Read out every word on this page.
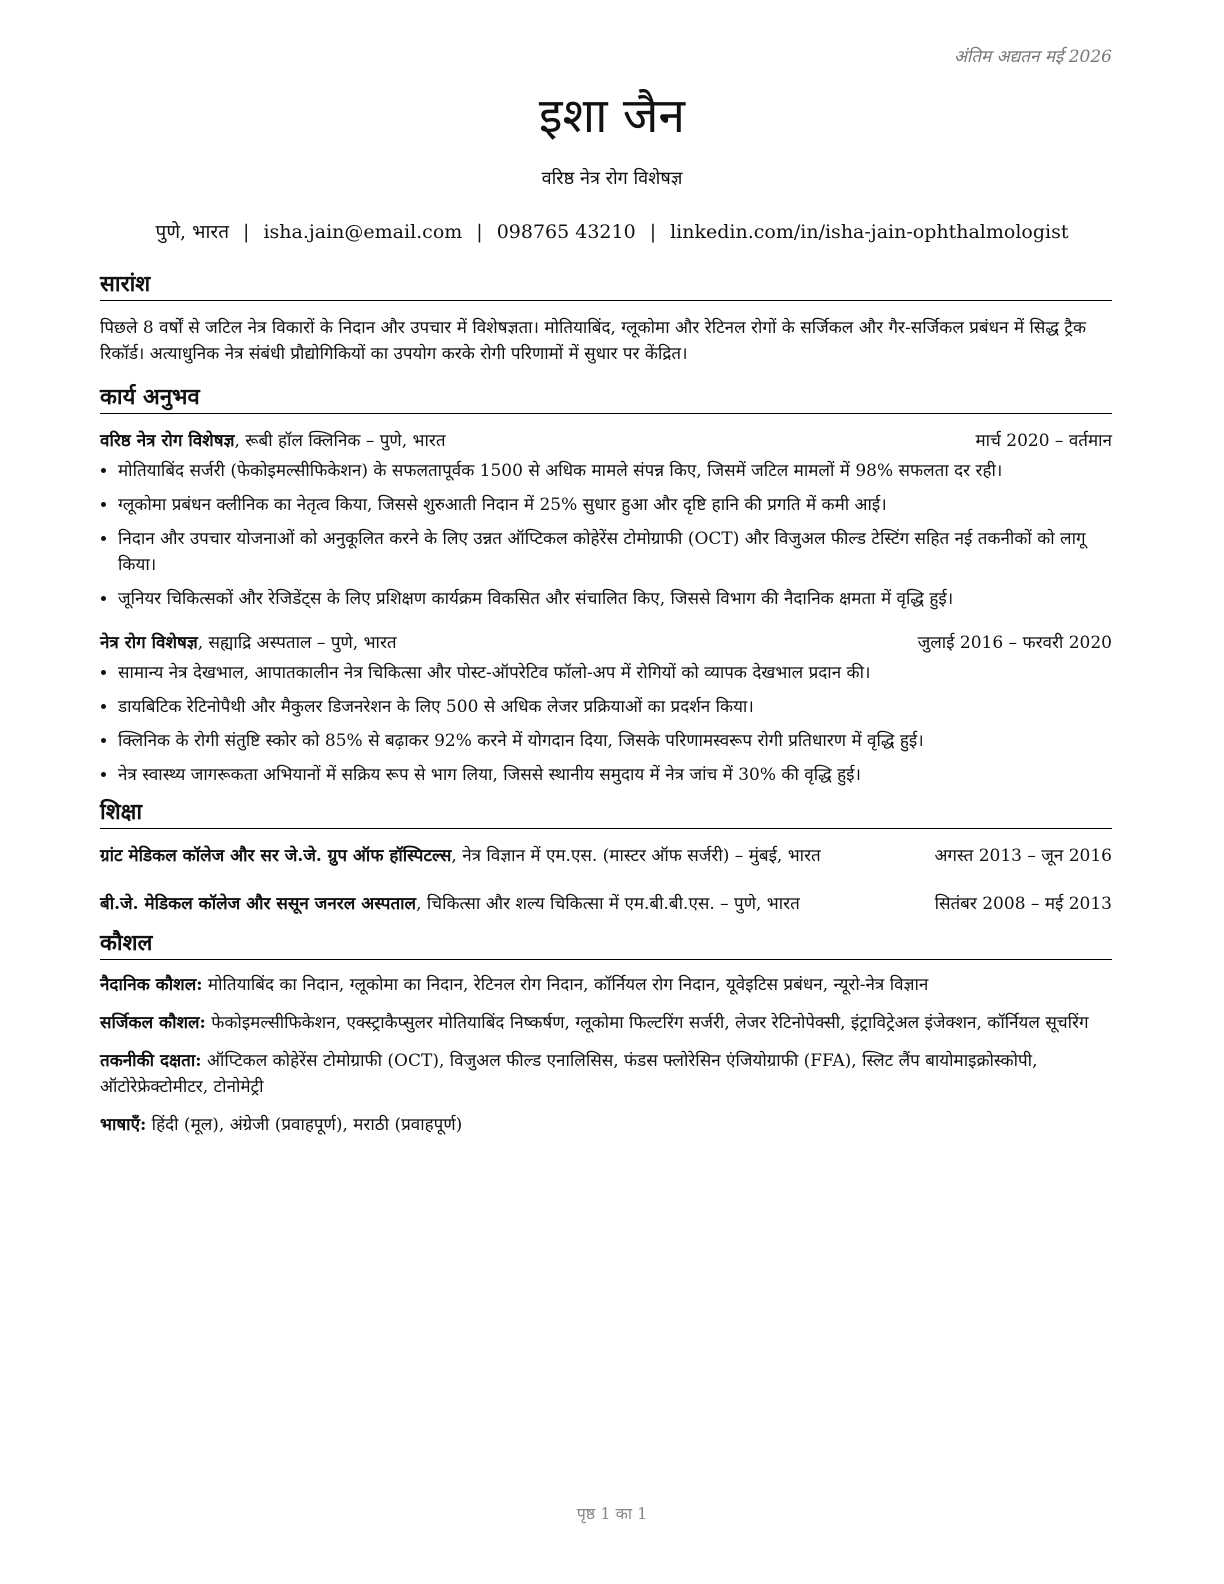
अंतिम अद्यतन मई 2026
इशा जैन
वरिष्ठ नेत्र रोग विशेषज्ञ
पुणे, भारत | isha.jain@email.com | 098765 43210 | linkedin.com/in/isha-jain-ophthalmologist
सारांश
पिछले 8 वर्षों से जटिल नेत्र विकारों के निदान और उपचार में विशेषज्ञता। मोतियाबिंद, ग्लूकोमा और रेटिनल रोगों के सर्जिकल और गैर-सर्जिकल प्रबंधन में सिद्ध ट्रैक रिकॉर्ड। अत्याधुनिक नेत्र संबंधी प्रौद्योगिकियों का उपयोग करके रोगी परिणामों में सुधार पर केंद्रित।
कार्य अनुभव
वरिष्ठ नेत्र रोग विशेषज्ञ, रूबी हॉल क्लिनिक – पुणे, भारत	मार्च 2020 – वर्तमान
• मोतियाबिंद सर्जरी (फेकोइमल्सीफिकेशन) के सफलतापूर्वक 1500 से अधिक मामले संपन्न किए, जिसमें जटिल मामलों में 98% सफलता दर रही।
• ग्लूकोमा प्रबंधन क्लीनिक का नेतृत्व किया, जिससे शुरुआती निदान में 25% सुधार हुआ और दृष्टि हानि की प्रगति में कमी आई।
• निदान और उपचार योजनाओं को अनुकूलित करने के लिए उन्नत ऑप्टिकल कोहेरेंस टोमोग्राफी (OCT) और विजुअल फील्ड टेस्टिंग सहित नई तकनीकों को लागू किया।
• जूनियर चिकित्सकों और रेजिडेंट्स के लिए प्रशिक्षण कार्यक्रम विकसित और संचालित किए, जिससे विभाग की नैदानिक क्षमता में वृद्धि हुई।
नेत्र रोग विशेषज्ञ, सह्याद्रि अस्पताल – पुणे, भारत	जुलाई 2016 – फरवरी 2020
• सामान्य नेत्र देखभाल, आपातकालीन नेत्र चिकित्सा और पोस्ट-ऑपरेटिव फॉलो-अप में रोगियों को व्यापक देखभाल प्रदान की।
• डायबिटिक रेटिनोपैथी और मैकुलर डिजनरेशन के लिए 500 से अधिक लेजर प्रक्रियाओं का प्रदर्शन किया।
• क्लिनिक के रोगी संतुष्टि स्कोर को 85% से बढ़ाकर 92% करने में योगदान दिया, जिसके परिणामस्वरूप रोगी प्रतिधारण में वृद्धि हुई।
• नेत्र स्वास्थ्य जागरूकता अभियानों में सक्रिय रूप से भाग लिया, जिससे स्थानीय समुदाय में नेत्र जांच में 30% की वृद्धि हुई।
शिक्षा
ग्रांट मेडिकल कॉलेज और सर जे.जे. ग्रुप ऑफ हॉस्पिटल्स, नेत्र विज्ञान में एम.एस. (मास्टर ऑफ सर्जरी) – मुंबई, भारत	अगस्त 2013 – जून 2016
बी.जे. मेडिकल कॉलेज और ससून जनरल अस्पताल, चिकित्सा और शल्य चिकित्सा में एम.बी.बी.एस. – पुणे, भारत	सितंबर 2008 – मई 2013
कौशल
नैदानिक कौशल: मोतियाबिंद का निदान, ग्लूकोमा का निदान, रेटिनल रोग निदान, कॉर्नियल रोग निदान, यूवेइटिस प्रबंधन, न्यूरो-नेत्र विज्ञान
सर्जिकल कौशल: फेकोइमल्सीफिकेशन, एक्स्ट्राकैप्सुलर मोतियाबिंद निष्कर्षण, ग्लूकोमा फिल्टरिंग सर्जरी, लेजर रेटिनोपेक्सी, इंट्राविट्रेअल इंजेक्शन, कॉर्नियल सूचरिंग
तकनीकी दक्षता: ऑप्टिकल कोहेरेंस टोमोग्राफी (OCT), विजुअल फील्ड एनालिसिस, फंडस फ्लोरेसिन एंजियोग्राफी (FFA), स्लिट लैंप बायोमाइक्रोस्कोपी, ऑटोरेफ्रेक्टोमीटर, टोनोमेट्री
भाषाएँ: हिंदी (मूल), अंग्रेजी (प्रवाहपूर्ण), मराठी (प्रवाहपूर्ण)
पृष्ठ 1 का 1
